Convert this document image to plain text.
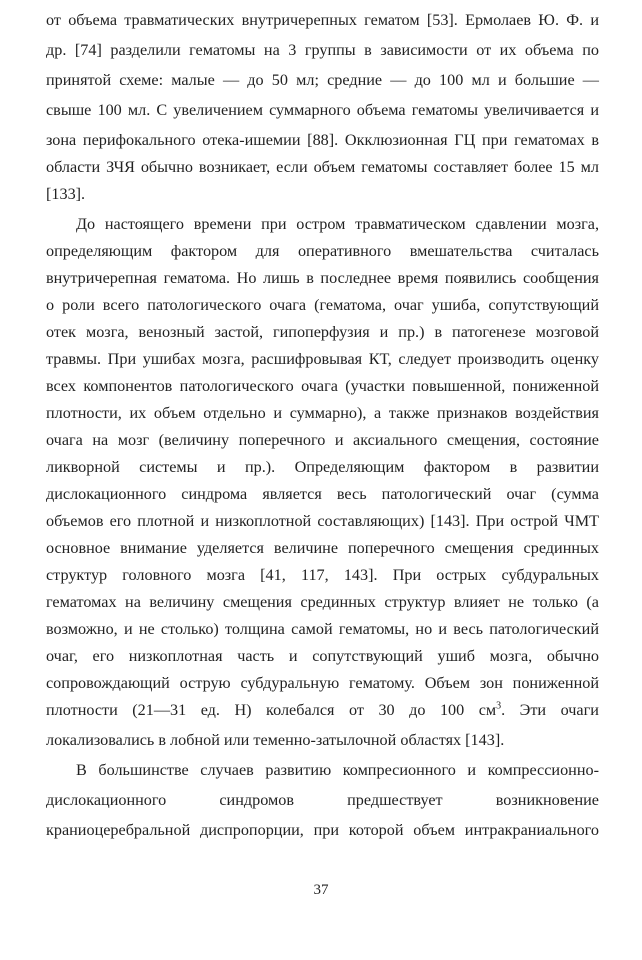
от объема травматических внутричерепных гематом [53]. Ермолаев Ю. Ф. и
др. [74] разделили гематомы на 3 группы в зависимости от их объема по
принятой схеме: малые — до 50 мл; средние — до 100 мл и большие —
свыше 100 мл. С увеличением суммарного объема гематомы увеличивается и
зона перифокального отека-ишемии [88]. Окклюзионная ГЦ при гематомах в
области ЗЧЯ обычно возникает, если объем гематомы составляет более 15 мл
[133].
До настоящего времени при остром травматическом сдавлении мозга,
определяющим фактором для оперативного вмешательства считалась
внутричерепная гематома. Но лишь в последнее время появились сообщения
о роли всего патологического очага (гематома, очаг ушиба, сопутствующий
отек мозга, венозный застой, гипоперфузия и пр.) в патогенезе мозговой
травмы. При ушибах мозга, расшифровывая КТ, следует производить оценку
всех компонентов патологического очага (участки повышенной, пониженной
плотности, их объем отдельно и суммарно), а также признаков воздействия
очага на мозг (величину поперечного и аксиального смещения, состояние
ликворной системы и пр.). Определяющим фактором в развитии
дислокационного синдрома является весь патологический очаг (сумма
объемов его плотной и низкоплотной составляющих) [143]. При острой ЧМТ
основное внимание уделяется величине поперечного смещения срединных
структур головного мозга [41, 117, 143]. При острых субдуральных
гематомах на величину смещения срединных структур влияет не только (а
возможно, и не столько) толщина самой гематомы, но и весь патологический
очаг, его низкоплотная часть и сопутствующий ушиб мозга, обычно
сопровождающий острую субдуральную гематому. Объем зон пониженной
плотности (21—31 ед. Н) колебался от 30 до 100 $см^3$. Эти очаги
локализовались в лобной или теменно-затылочной областях [143].
В большинстве случаев развитию компресионного и компрессионно-
дислокационного синдромов предшествует возникновение
краниоцеребральной диспропорции, при которой объем интракраниального
37
